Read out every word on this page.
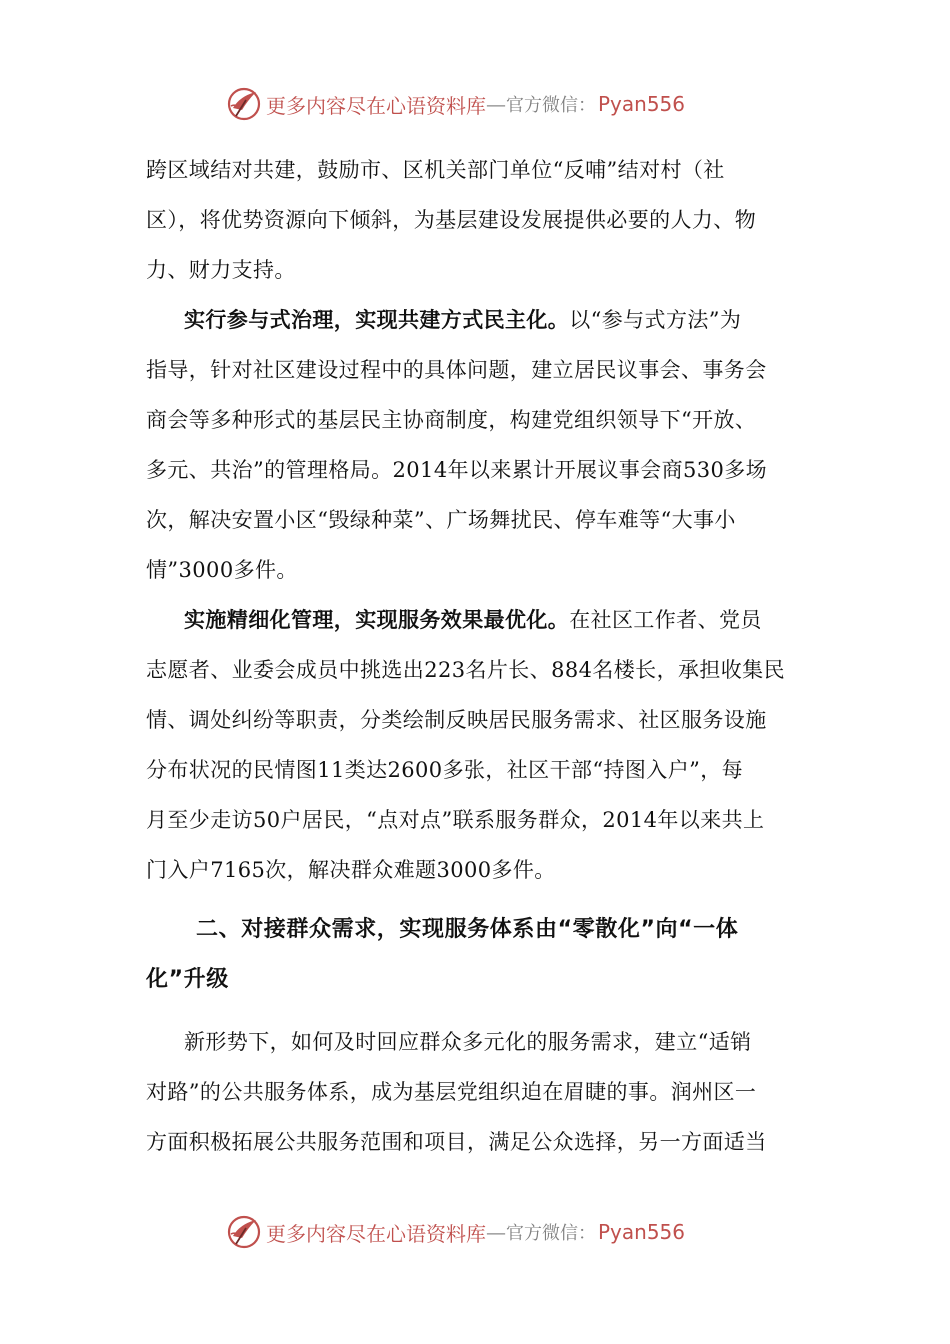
更多内容尽在心语资料库 — 官方微信： Pyan556
跨区域结对共建，鼓励市、区机关部门单位“反哺”结对村（社
区），将优势资源向下倾斜，为基层建设发展提供必要的人力、物
力、财力支持。
实行参与式治理，实现共建方式民主化。以“参与式方法”为
指导，针对社区建设过程中的具体问题，建立居民议事会、事务会
商会等多种形式的基层民主协商制度，构建党组织领导下“开放、
多元、共治”的管理格局。2014年以来累计开展议事会商530多场
次，解决安置小区“毁绿种菜”、广场舞扰民、停车难等“大事小
情”3000多件。
实施精细化管理，实现服务效果最优化。在社区工作者、党员
志愿者、业委会成员中挑选出223名片长、884名楼长，承担收集民
情、调处纠纷等职责，分类绘制反映居民服务需求、社区服务设施
分布状况的民情图11类达2600多张，社区干部“持图入户”，每
月至少走访50户居民，“点对点”联系服务群众，2014年以来共上
门入户7165次，解决群众难题3000多件。
二、对接群众需求，实现服务体系由“零散化”向“一体
化”升级
新形势下，如何及时回应群众多元化的服务需求，建立“适销
对路”的公共服务体系，成为基层党组织迫在眉睫的事。润州区一
方面积极拓展公共服务范围和项目，满足公众选择，另一方面适当
更多内容尽在心语资料库 — 官方微信： Pyan556
